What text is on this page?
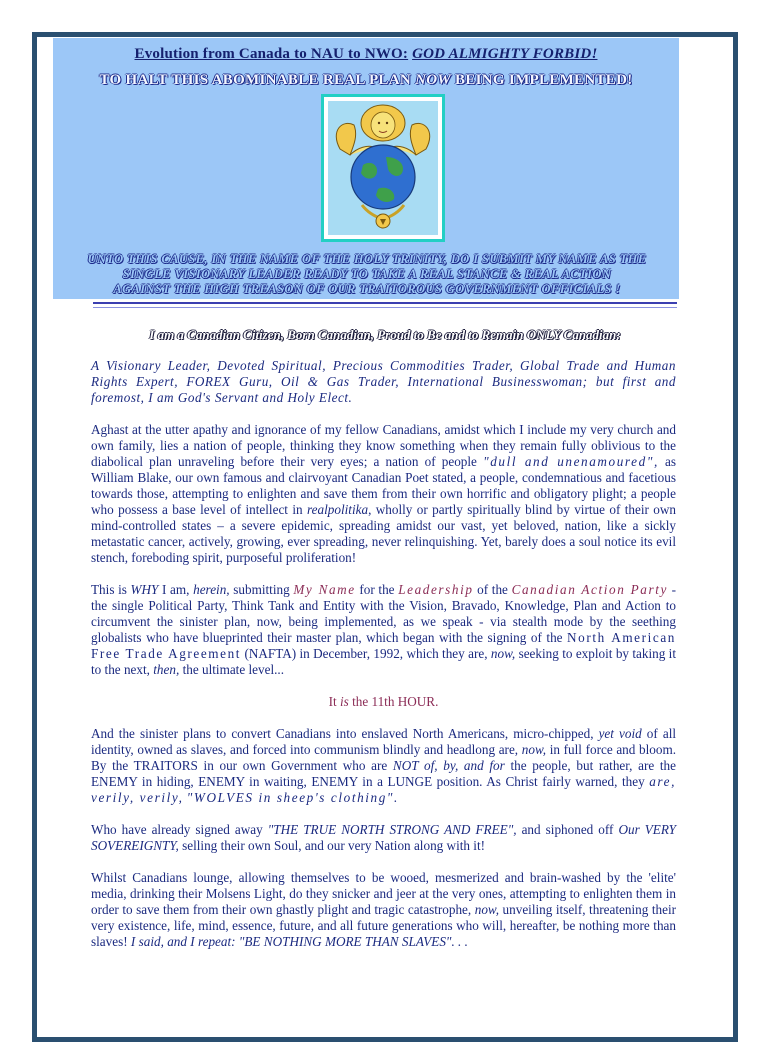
Evolution from Canada to NAU to NWO: GOD ALMIGHTY FORBID!
TO HALT THIS ABOMINABLE REAL PLAN NOW BEING IMPLEMENTED!
UNTO THIS CAUSE, IN THE NAME OF THE HOLY TRINITY, DO I SUBMIT MY NAME AS THE
SINGLE VISIONARY LEADER READY TO TAKE A REAL STANCE & REAL ACTION
AGAINST THE HIGH TREASON OF OUR TRAITOROUS GOVERNMENT OFFICIALS !
I am a Canadian Citizen, Born Canadian, Proud to Be and to Remain ONLY Canadian:

A Visionary Leader, Devoted Spiritual, Precious Commodities Trader, Global Trade and Human Rights Expert, FOREX Guru, Oil & Gas Trader, International Businesswoman; but first and foremost, I am God's Servant and Holy Elect.

Aghast at the utter apathy and ignorance of my fellow Canadians, amidst which I include my very church and own family, lies a nation of people, thinking they know something when they remain fully oblivious to the diabolical plan unraveling before their very eyes; a nation of people "dull and unenamoured", as William Blake, our own famous and clairvoyant Canadian Poet stated, a people, condemnatious and facetious towards those, attempting to enlighten and save them from their own horrific and obligatory plight; a people who possess a base level of intellect in realpolitika, wholly or partly spiritually blind by virtue of their own mind-controlled states – a severe epidemic, spreading amidst our vast, yet beloved, nation, like a sickly metastatic cancer, actively, growing, ever spreading, never relinquishing. Yet, barely does a soul notice its evil stench, foreboding spirit, purposeful proliferation!

This is WHY I am, herein, submitting My Name for the Leadership of the Canadian Action Party - the single Political Party, Think Tank and Entity with the Vision, Bravado, Knowledge, Plan and Action to circumvent the sinister plan, now, being implemented, as we speak - via stealth mode by the seething globalists who have blueprinted their master plan, which began with the signing of the North American Free Trade Agreement (NAFTA) in December, 1992, which they are, now, seeking to exploit by taking it to the next, then, the ultimate level...

It is the 11th HOUR.

And the sinister plans to convert Canadians into enslaved North Americans, micro-chipped, yet void of all identity, owned as slaves, and forced into communism blindly and headlong are, now, in full force and bloom. By the TRAITORS in our own Government who are NOT of, by, and for the people, but rather, are the ENEMY in hiding, ENEMY in waiting, ENEMY in a LUNGE position. As Christ fairly warned, they are, verily, verily, "WOLVES in sheep's clothing".

Who have already signed away "THE TRUE NORTH STRONG AND FREE", and siphoned off Our VERY SOVEREIGNTY, selling their own Soul, and our very Nation along with it!

Whilst Canadians lounge, allowing themselves to be wooed, mesmerized and brain-washed by the 'elite' media, drinking their Molsens Light, do they snicker and jeer at the very ones, attempting to enlighten them in order to save them from their own ghastly plight and tragic catastrophe, now, unveiling itself, threatening their very existence, life, mind, essence, future, and all future generations who will, hereafter, be nothing more than slaves! I said, and I repeat: "BE NOTHING MORE THAN SLAVES". . .
